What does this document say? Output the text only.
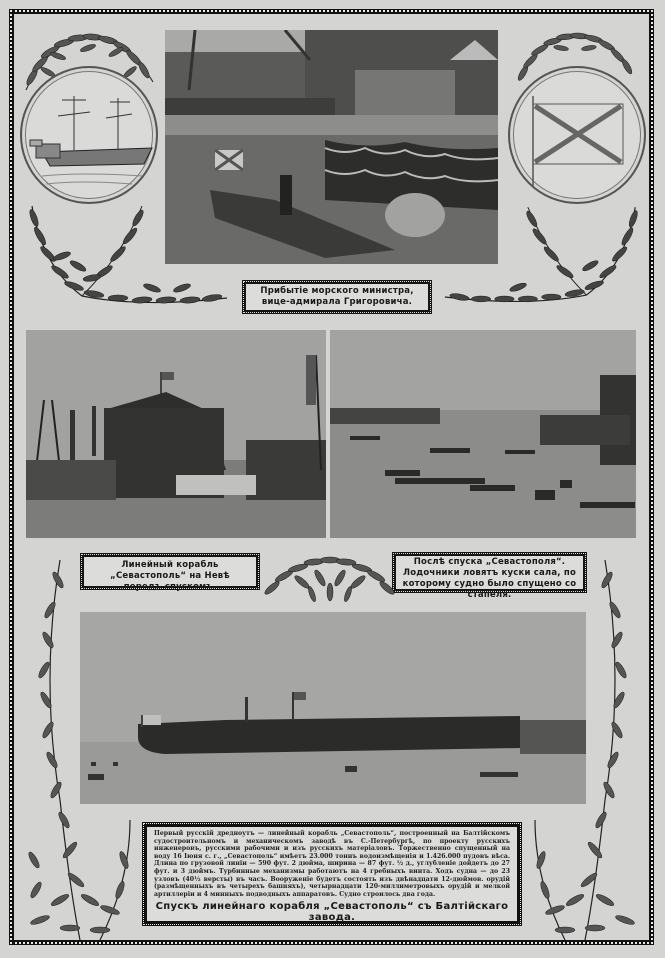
Прибытіе морского министра, вице-адмирала Григоровича.
Линейный корабль „Севастополь“ на Невѣ передъ спускомъ.
Послѣ спуска „Севастополя“. Лодочники ловятъ куски сала, по которому судно было спущено со стапеля.
Первый русскій дредноутъ — линейный корабль „Севастополь“, построенный на Балтійскомъ судостроительномъ и механическомъ заводѣ въ С.-Петербургѣ, по проекту русскихъ инженеровъ, русскими рабочими и изъ русскихъ матеріаловъ. Торжественно спущенный на воду 16 Іюня с. г., „Севастополь“ имѣетъ 23.000 тоннъ водоизмѣщенія и 1.426.000 пудовъ вѣса. Длина по грузовой линіи — 590 фут. 2 дюйма, ширина — 87 фут. ½ д., углубленіе дойдетъ до 27 фут. и 3 дюймъ. Турбинные механизмы работаютъ на 4 гребныхъ винта. Ходъ судна — до 23 узловъ (40½ версты) въ часъ. Вооруженіе будетъ состоять изъ двѣнадцати 12-дюймов. орудій (размѣщенныхъ въ четырехъ башняхъ), четырнадцати 120-миллиметровыхъ орудій и мелкой артиллеріи и 4 минныхъ подводныхъ аппаратовъ. Судно строилось два года.
Спускъ линейнаго корабля „Севастополь“ съ Балтійскаго завода.
